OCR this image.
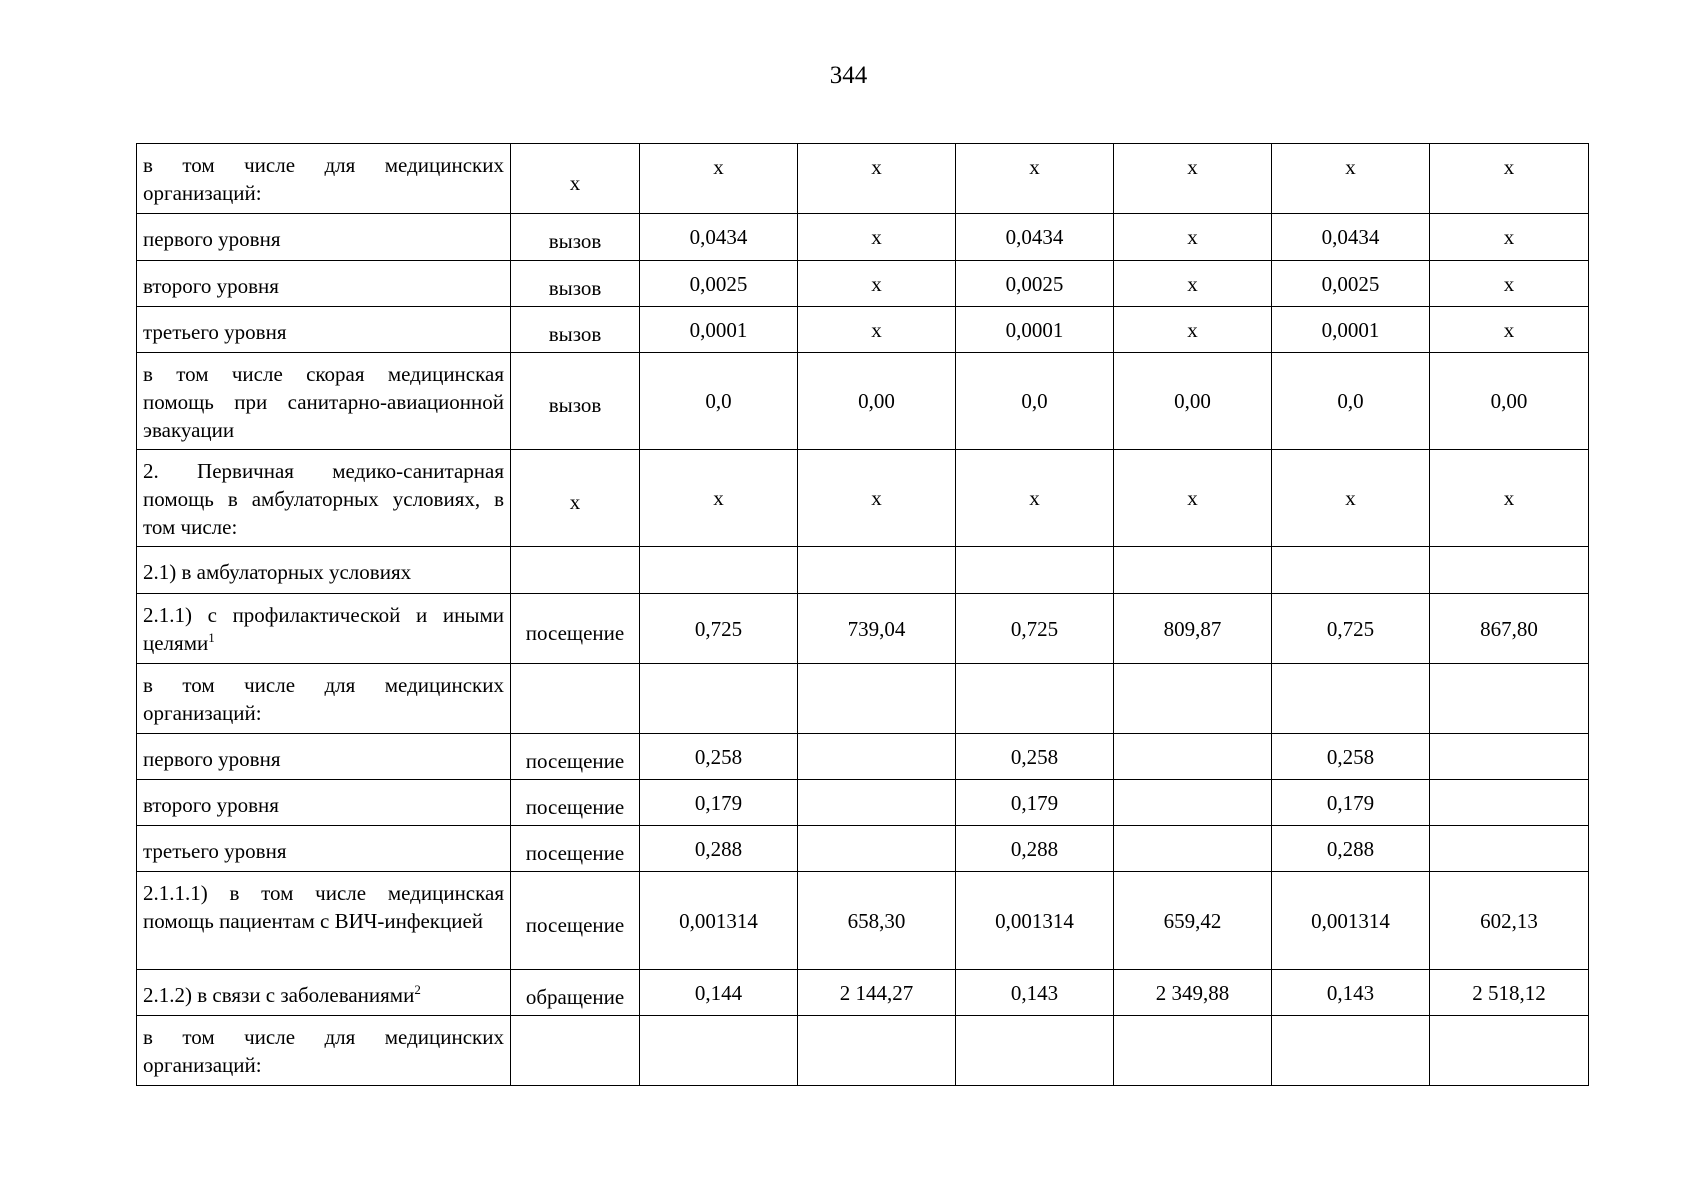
344
в том числе для медицинских организаций:	х	х	х	х	х	х	х
первого уровня	вызов	0,0434	х	0,0434	х	0,0434	х
второго уровня	вызов	0,0025	х	0,0025	х	0,0025	х
третьего уровня	вызов	0,0001	х	0,0001	х	0,0001	х
в том числе скорая медицинская помощь при санитарно-авиационной эвакуации	вызов	0,0	0,00	0,0	0,00	0,0	0,00
2. Первичная медико-санитарная помощь в амбулаторных условиях, в том числе:	х	х	х	х	х	х	х
2.1) в амбулаторных условиях							
2.1.1) с профилактической и иными целями$^1$	посещение	0,725	739,04	0,725	809,87	0,725	867,80
в том числе для медицинских организаций:							
первого уровня	посещение	0,258		0,258		0,258	
второго уровня	посещение	0,179		0,179		0,179	
третьего уровня	посещение	0,288		0,288		0,288	
2.1.1.1) в том числе медицинская помощь пациентам с ВИЧ-инфекцией	посещение	0,001314	658,30	0,001314	659,42	0,001314	602,13
2.1.2) в связи с заболеваниями$^2$	обращение	0,144	2 144,27	0,143	2 349,88	0,143	2 518,12
в том числе для медицинских организаций:							
